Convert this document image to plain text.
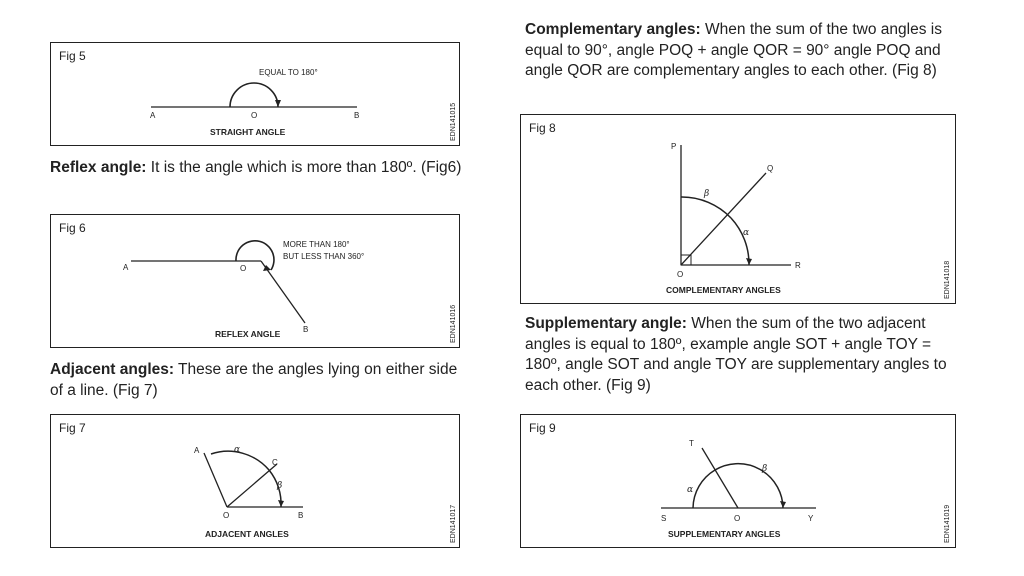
Fig 5
EQUAL TO 180°
A	O	B
STRAIGHT ANGLE	EDN141015
Reflex angle: It is the angle which is more than 180º. (Fig6)
Fig 6
MORE THAN 180°
BUT LESS THAN 360°
A	O
B
REFLEX ANGLE	EDN141016
Adjacent angles: These are the angles lying on either side of a line. (Fig 7)
Fig 7
A	α
C
β
O	B
ADJACENT ANGLES	EDN141017
Complementary angles: When the sum of the two angles is equal to 90°, angle POQ + angle QOR = 90° angle POQ and angle QOR are complementary angles to each other. (Fig 8)
Fig 8
P
Q
β
α
O
R
COMPLEMENTARY ANGLES	EDN141018
Supplementary angle: When the sum of the two adjacent angles is equal to 180º, example angle SOT + angle TOY = 180º, angle SOT and angle TOY are supplementary angles to each other. (Fig 9)
Fig 9
T
α
β
S	O	Y
SUPPLEMENTARY ANGLES	EDN141019
